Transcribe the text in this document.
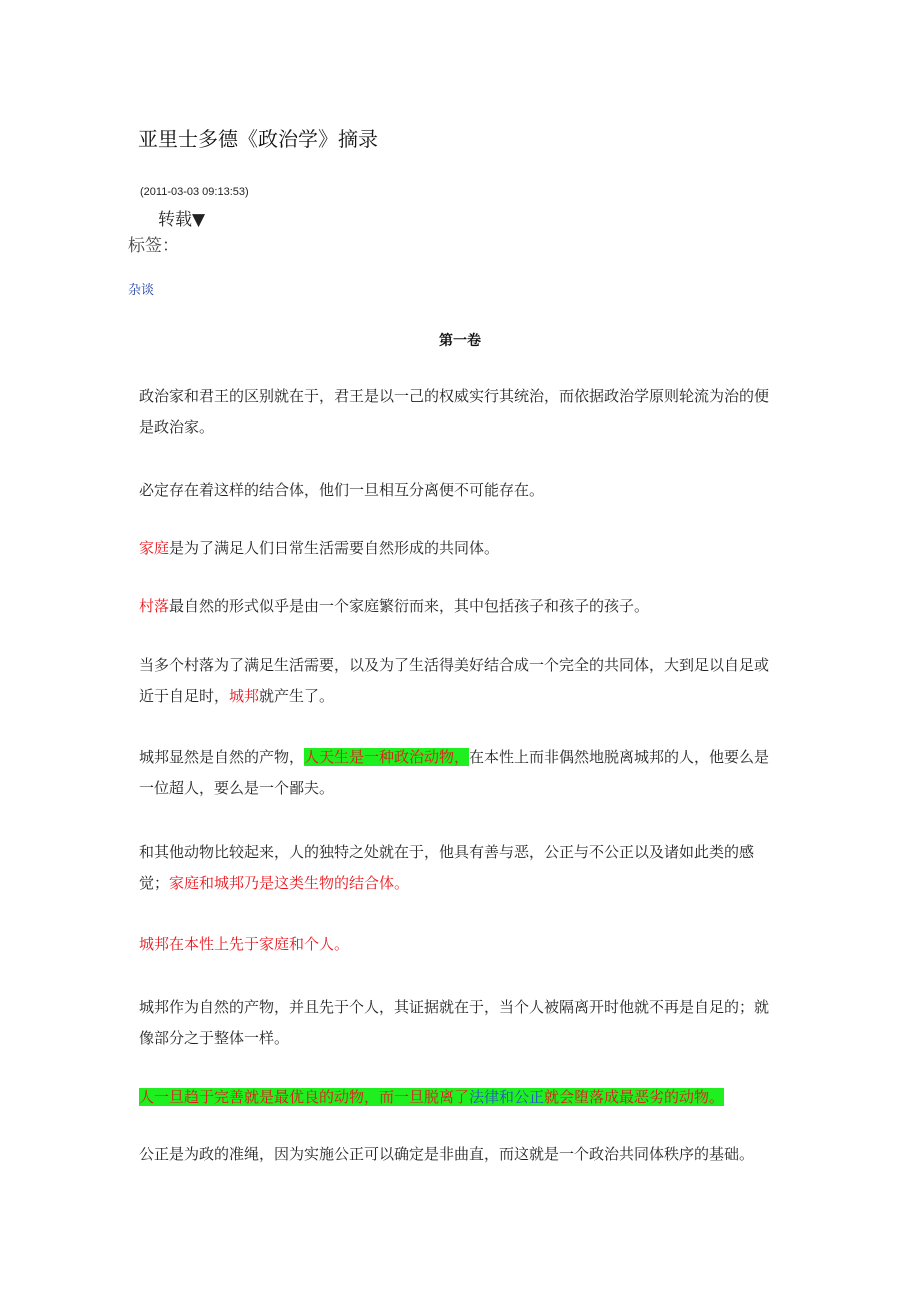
亚里士多德《政治学》摘录
(2011-03-03 09:13:53)
转载▼
标签：
杂谈
第一卷
政治家和君王的区别就在于，君王是以一己的权威实行其统治，而依据政治学原则轮流为治的便是政治家。
必定存在着这样的结合体，他们一旦相互分离便不可能存在。
家庭是为了满足人们日常生活需要自然形成的共同体。
村落最自然的形式似乎是由一个家庭繁衍而来，其中包括孩子和孩子的孩子。
当多个村落为了满足生活需要，以及为了生活得美好结合成一个完全的共同体，大到足以自足或近于自足时，城邦就产生了。
城邦显然是自然的产物，人天生是一种政治动物，在本性上而非偶然地脱离城邦的人，他要么是一位超人，要么是一个鄙夫。
和其他动物比较起来，人的独特之处就在于，他具有善与恶，公正与不公正以及诸如此类的感觉；家庭和城邦乃是这类生物的结合体。
城邦在本性上先于家庭和个人。
城邦作为自然的产物，并且先于个人，其证据就在于，当个人被隔离开时他就不再是自足的；就像部分之于整体一样。
人一旦趋于完善就是最优良的动物，而一旦脱离了法律和公正就会堕落成最恶劣的动物。
公正是为政的准绳，因为实施公正可以确定是非曲直，而这就是一个政治共同体秩序的基础。
